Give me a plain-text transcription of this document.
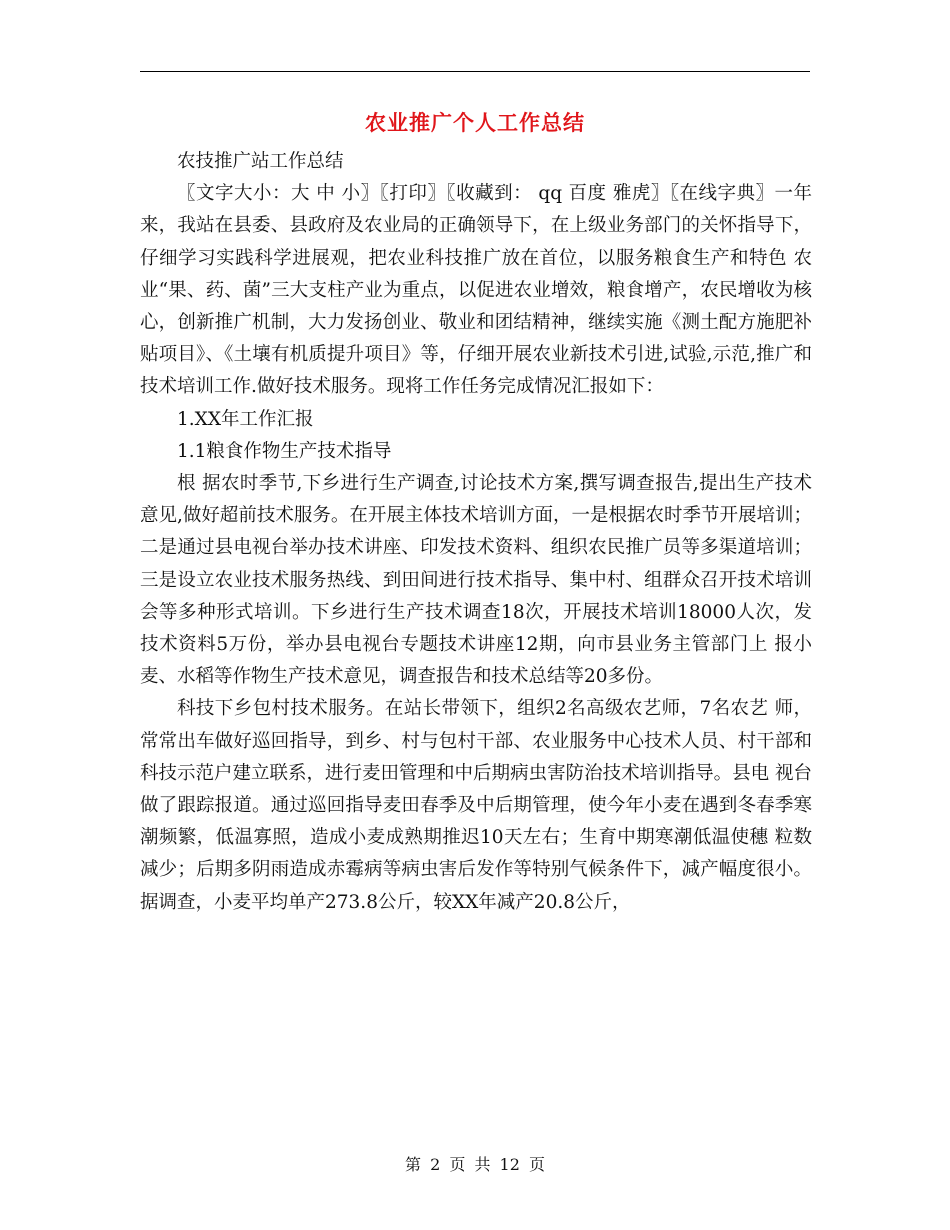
农业推广个人工作总结

农技推广站工作总结

〖文字大小：大 中 小〗〖打印〗〖收藏到： qq 百度 雅虎〗〖在线字典〗一年来，我站在县委、县政府及农业局的正确领导下，在上级业务部门的关怀指导下，仔细学习实践科学进展观，把农业科技推广放在首位，以服务粮食生产和特色 农业“果、药、菌”三大支柱产业为重点，以促进农业增效，粮食增产，农民增收为核心，创新推广机制，大力发扬创业、敬业和团结精神，继续实施《测土配方施肥补贴项目》、《土壤有机质提升项目》等，仔细开展农业新技术引进,试验,示范,推广和技术培训工作.做好技术服务。现将工作任务完成情况汇报如下：

1.XX年工作汇报

1.1粮食作物生产技术指导

根 据农时季节,下乡进行生产调查,讨论技术方案,撰写调查报告,提出生产技术意见,做好超前技术服务。在开展主体技术培训方面，一是根据农时季节开展培训； 二是通过县电视台举办技术讲座、印发技术资料、组织农民推广员等多渠道培训；三是设立农业技术服务热线、到田间进行技术指导、集中村、组群众召开技术培训 会等多种形式培训。下乡进行生产技术调查18次，开展技术培训18000人次，发技术资料5万份，举办县电视台专题技术讲座12期，向市县业务主管部门上 报小麦、水稻等作物生产技术意见，调查报告和技术总结等20多份。

科技下乡包村技术服务。在站长带领下，组织2名高级农艺师，7名农艺 师，常常出车做好巡回指导，到乡、村与包村干部、农业服务中心技术人员、村干部和科技示范户建立联系，进行麦田管理和中后期病虫害防治技术培训指导。县电 视台做了跟踪报道。通过巡回指导麦田春季及中后期管理，使今年小麦在遇到冬春季寒潮频繁，低温寡照，造成小麦成熟期推迟10天左右；生育中期寒潮低温使穗 粒数减少；后期多阴雨造成赤霉病等病虫害后发作等特别气候条件下，减产幅度很小。据调查，小麦平均单产273.8公斤，较XX年减产20.8公斤，

第 2 页 共 12 页
